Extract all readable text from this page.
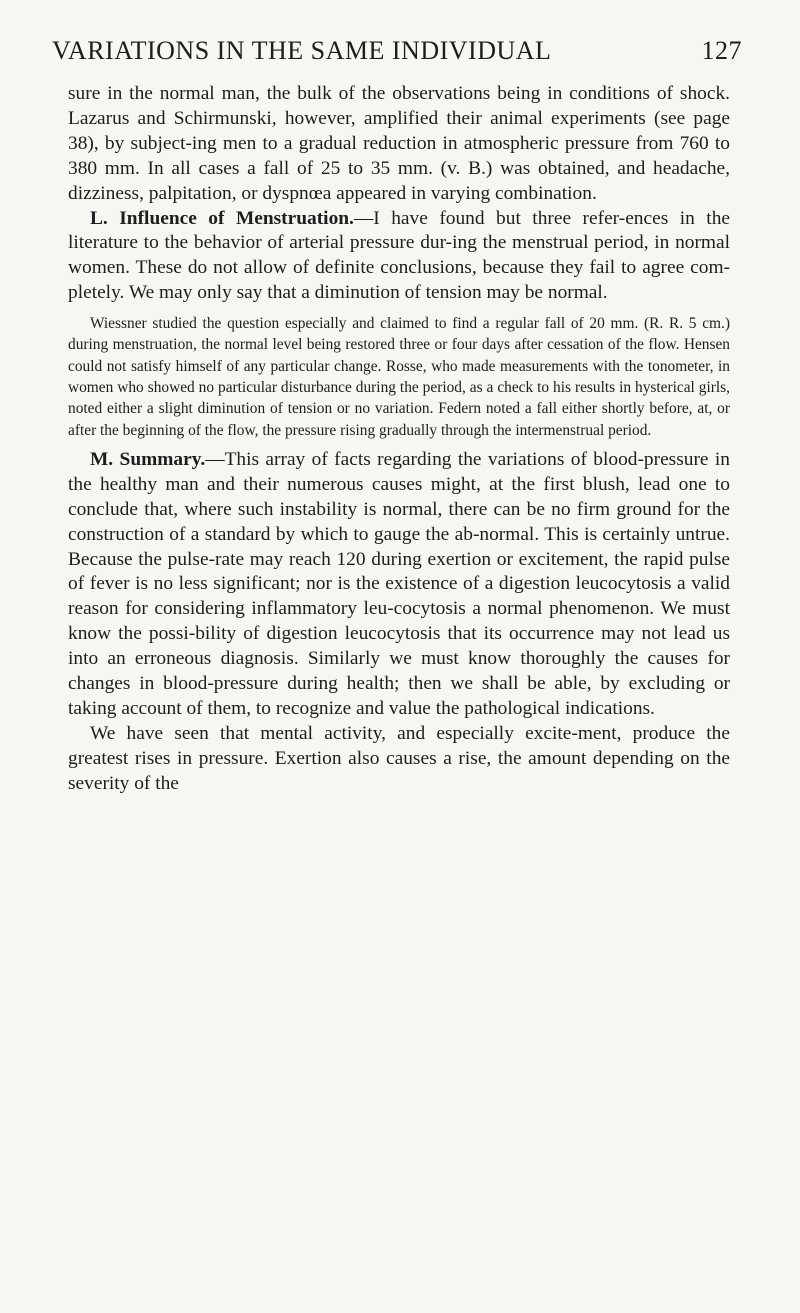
VARIATIONS IN THE SAME INDIVIDUAL	127

sure in the normal man, the bulk of the observations being in conditions of shock. Lazarus and Schirmunski, however, amplified their animal experiments (see page 38), by subject-ing men to a gradual reduction in atmospheric pressure from 760 to 380 mm. In all cases a fall of 25 to 35 mm. (v. B.) was obtained, and headache, dizziness, palpitation, or dyspnœa appeared in varying combination.

L. Influence of Menstruation.—I have found but three refer-ences in the literature to the behavior of arterial pressure dur-ing the menstrual period, in normal women. These do not allow of definite conclusions, because they fail to agree com-pletely. We may only say that a diminution of tension may be normal.

Wiessner studied the question especially and claimed to find a regular fall of 20 mm. (R. R. 5 cm.) during menstruation, the normal level being restored three or four days after cessation of the flow. Hensen could not satisfy himself of any particular change. Rosse, who made measurements with the tonometer, in women who showed no particular disturbance during the period, as a check to his results in hysterical girls, noted either a slight diminution of tension or no variation. Federn noted a fall either shortly before, at, or after the beginning of the flow, the pressure rising gradually through the intermenstrual period.

M. Summary.—This array of facts regarding the variations of blood-pressure in the healthy man and their numerous causes might, at the first blush, lead one to conclude that, where such instability is normal, there can be no firm ground for the construction of a standard by which to gauge the ab-normal. This is certainly untrue. Because the pulse-rate may reach 120 during exertion or excitement, the rapid pulse of fever is no less significant; nor is the existence of a digestion leucocytosis a valid reason for considering inflammatory leu-cocytosis a normal phenomenon. We must know the possi-bility of digestion leucocytosis that its occurrence may not lead us into an erroneous diagnosis. Similarly we must know thoroughly the causes for changes in blood-pressure during health; then we shall be able, by excluding or taking account of them, to recognize and value the pathological indications.

We have seen that mental activity, and especially excite-ment, produce the greatest rises in pressure. Exertion also causes a rise, the amount depending on the severity of the
